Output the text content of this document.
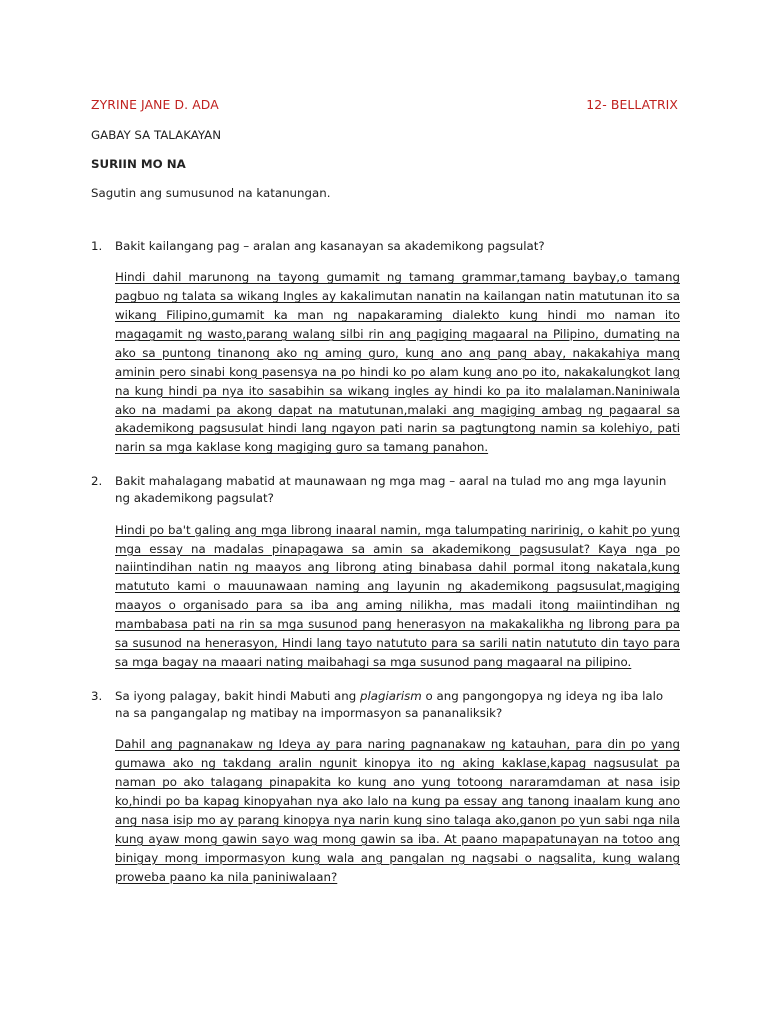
ZYRINE JANE D. ADA	12- BELLATRIX
GABAY SA TALAKAYAN
SURIIN MO NA
Sagutin ang sumusunod na katanungan.
1.	Bakit kailangang pag – aralan ang kasanayan sa akademikong pagsulat?
Hindi dahil marunong na tayong gumamit ng tamang grammar,tamang baybay,o tamang pagbuo ng talata sa wikang Ingles ay kakalimutan nanatin na kailangan natin matutunan ito sa wikang Filipino,gumamit ka man ng napakaraming dialekto kung hindi mo naman ito magagamit ng wasto,parang walang silbi rin ang pagiging magaaral na Pilipino, dumating na ako sa puntong tinanong ako ng aming guro, kung ano ang pang abay, nakakahiya mang aminin pero sinabi kong pasensya na po hindi ko po alam kung ano po ito, nakakalungkot lang na kung hindi pa nya ito sasabihin sa wikang ingles ay hindi ko pa ito malalaman.Naniniwala ako na madami pa akong dapat na matutunan,malaki ang magiging ambag ng pagaaral sa akademikong pagsusulat hindi lang ngayon pati narin sa pagtungtong namin sa kolehiyo, pati narin sa mga kaklase kong magiging guro sa tamang panahon.
2.	Bakit mahalagang mabatid at maunawaan ng mga mag – aaral na tulad mo ang mga layunin ng akademikong pagsulat?
Hindi po ba't galing ang mga librong inaaral namin, mga talumpating naririnig, o kahit po yung mga essay na madalas pinapagawa sa amin sa akademikong pagsusulat? Kaya nga po naiintindihan natin ng maayos ang librong ating binabasa dahil pormal itong nakatala,kung matututo kami o mauunawaan naming ang layunin ng akademikong pagsusulat,magiging maayos o organisado para sa iba ang aming nilikha, mas madali itong maiintindihan ng mambabasa pati na rin sa mga susunod pang henerasyon na makakalikha ng librong para pa sa susunod na henerasyon, Hindi lang tayo natututo para sa sarili natin natututo din tayo para sa mga bagay na maaari nating maibahagi sa mga susunod pang magaaral na pilipino.
3.	Sa iyong palagay, bakit hindi Mabuti ang plagiarism o ang pangongopya ng ideya ng iba lalo na sa pangangalap ng matibay na impormasyon sa pananaliksik?
Dahil ang pagnanakaw ng Ideya ay para naring pagnanakaw ng katauhan, para din po yang gumawa ako ng takdang aralin ngunit kinopya ito ng aking kaklase,kapag nagsusulat pa naman po ako talagang pinapakita ko kung ano yung totoong nararamdaman at nasa isip ko,hindi po ba kapag kinopyahan nya ako lalo na kung pa essay ang tanong inaalam kung ano ang nasa isip mo ay parang kinopya nya narin kung sino talaga ako,ganon po yun sabi nga nila kung ayaw mong gawin sayo wag mong gawin sa iba. At paano mapapatunayan na totoo ang binigay mong impormasyon kung wala ang pangalan ng nagsabi o nagsalita, kung walang proweba paano ka nila paniniwalaan?
